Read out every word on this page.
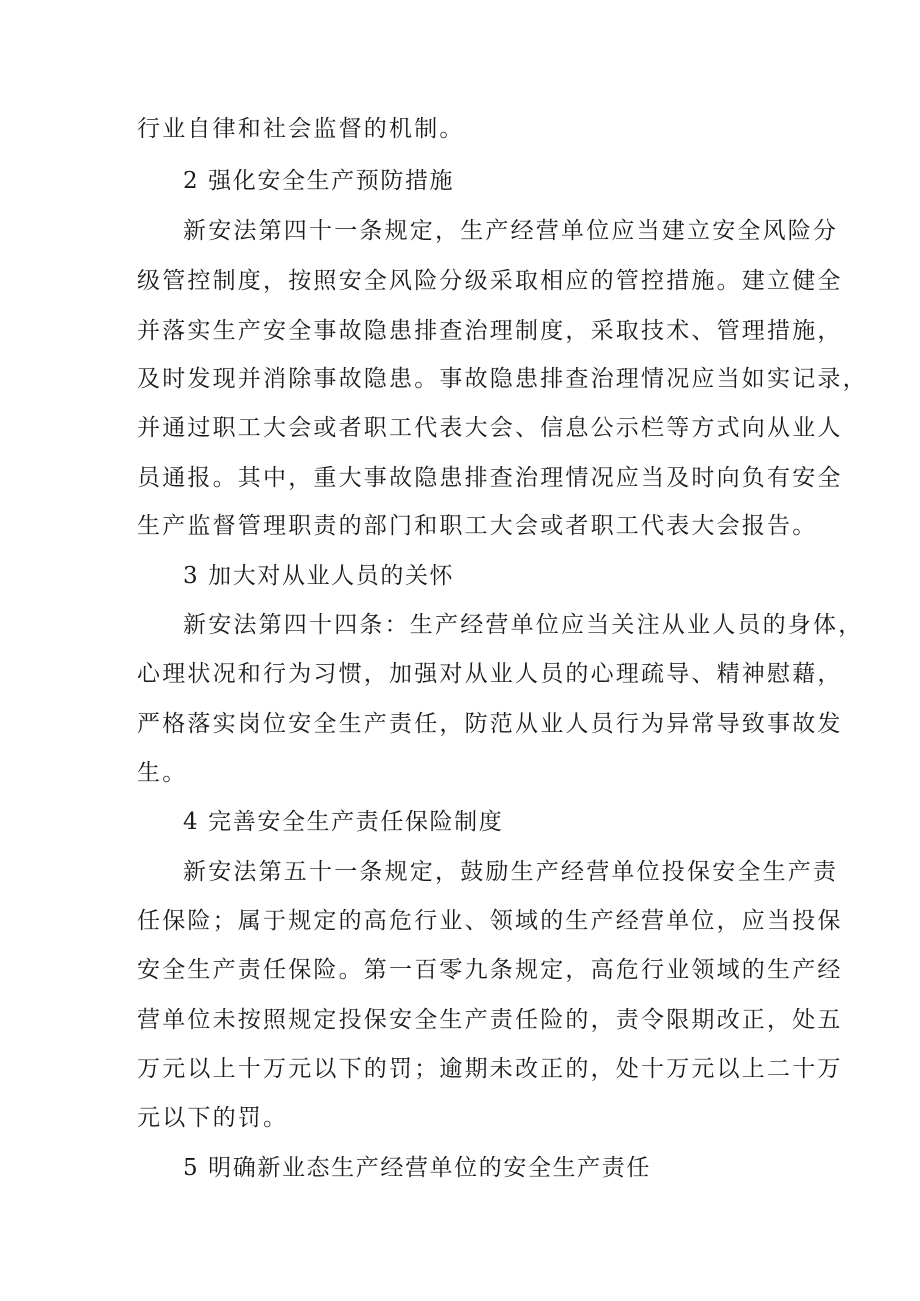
行业自律和社会监督的机制。
2 强化安全生产预防措施
新安法第四十一条规定，生产经营单位应当建立安全风险分
级管控制度，按照安全风险分级采取相应的管控措施。建立健全
并落实生产安全事故隐患排查治理制度，采取技术、管理措施，
及时发现并消除事故隐患。事故隐患排查治理情况应当如实记录，
并通过职工大会或者职工代表大会、信息公示栏等方式向从业人
员通报。其中，重大事故隐患排查治理情况应当及时向负有安全
生产监督管理职责的部门和职工大会或者职工代表大会报告。
3 加大对从业人员的关怀
新安法第四十四条：生产经营单位应当关注从业人员的身体，
心理状况和行为习惯，加强对从业人员的心理疏导、精神慰藉，
严格落实岗位安全生产责任，防范从业人员行为异常导致事故发
生。
4 完善安全生产责任保险制度
新安法第五十一条规定，鼓励生产经营单位投保安全生产责
任保险；属于规定的高危行业、领域的生产经营单位，应当投保
安全生产责任保险。第一百零九条规定，高危行业领域的生产经
营单位未按照规定投保安全生产责任险的，责令限期改正，处五
万元以上十万元以下的罚；逾期未改正的，处十万元以上二十万
元以下的罚。
5 明确新业态生产经营单位的安全生产责任
